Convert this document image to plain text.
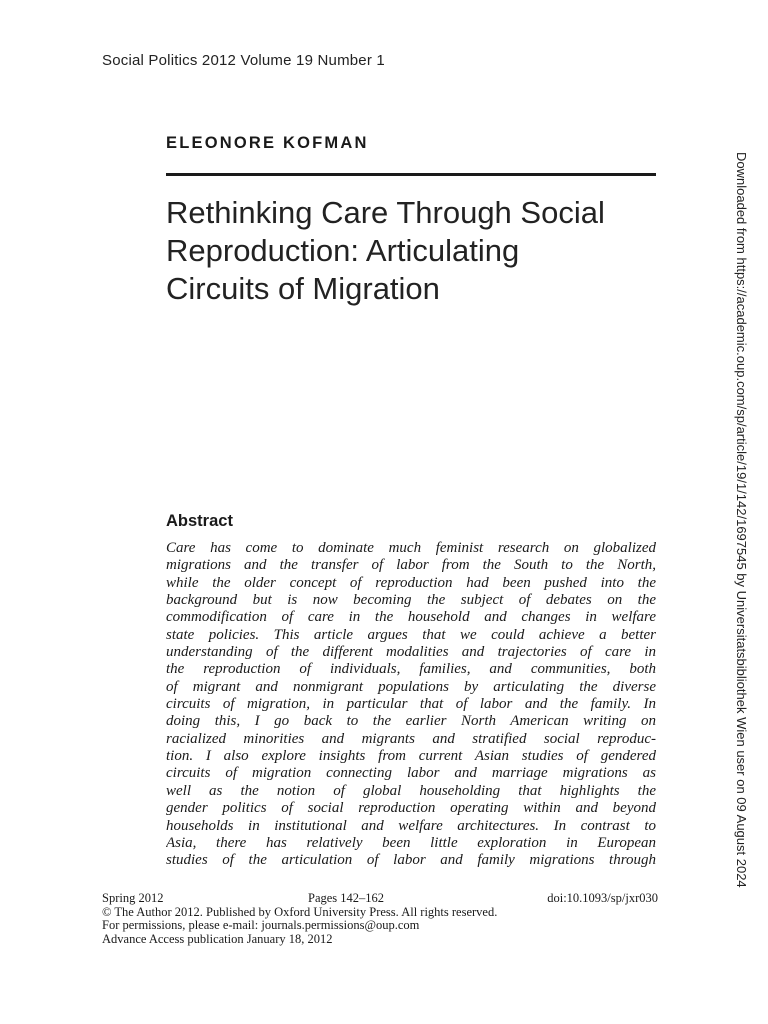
Social Politics 2012 Volume 19 Number 1
ELEONORE KOFMAN
Rethinking Care Through Social
Reproduction: Articulating
Circuits of Migration
Abstract
Care has come to dominate much feminist research on globalized
migrations and the transfer of labor from the South to the North,
while the older concept of reproduction had been pushed into the
background but is now becoming the subject of debates on the
commodification of care in the household and changes in welfare
state policies. This article argues that we could achieve a better
understanding of the different modalities and trajectories of care in
the reproduction of individuals, families, and communities, both
of migrant and nonmigrant populations by articulating the diverse
circuits of migration, in particular that of labor and the family. In
doing this, I go back to the earlier North American writing on
racialized minorities and migrants and stratified social reproduc-
tion. I also explore insights from current Asian studies of gendered
circuits of migration connecting labor and marriage migrations as
well as the notion of global householding that highlights the
gender politics of social reproduction operating within and beyond
households in institutional and welfare architectures. In contrast to
Asia, there has relatively been little exploration in European
studies of the articulation of labor and family migrations through
Spring 2012	Pages 142–162	doi:10.1093/sp/jxr030
© The Author 2012. Published by Oxford University Press. All rights reserved.
For permissions, please e-mail: journals.permissions@oup.com
Advance Access publication January 18, 2012
Downloaded from https://academic.oup.com/sp/article/19/1/142/1697545 by Universitatsbibliothek Wien user on 09 August 2024
